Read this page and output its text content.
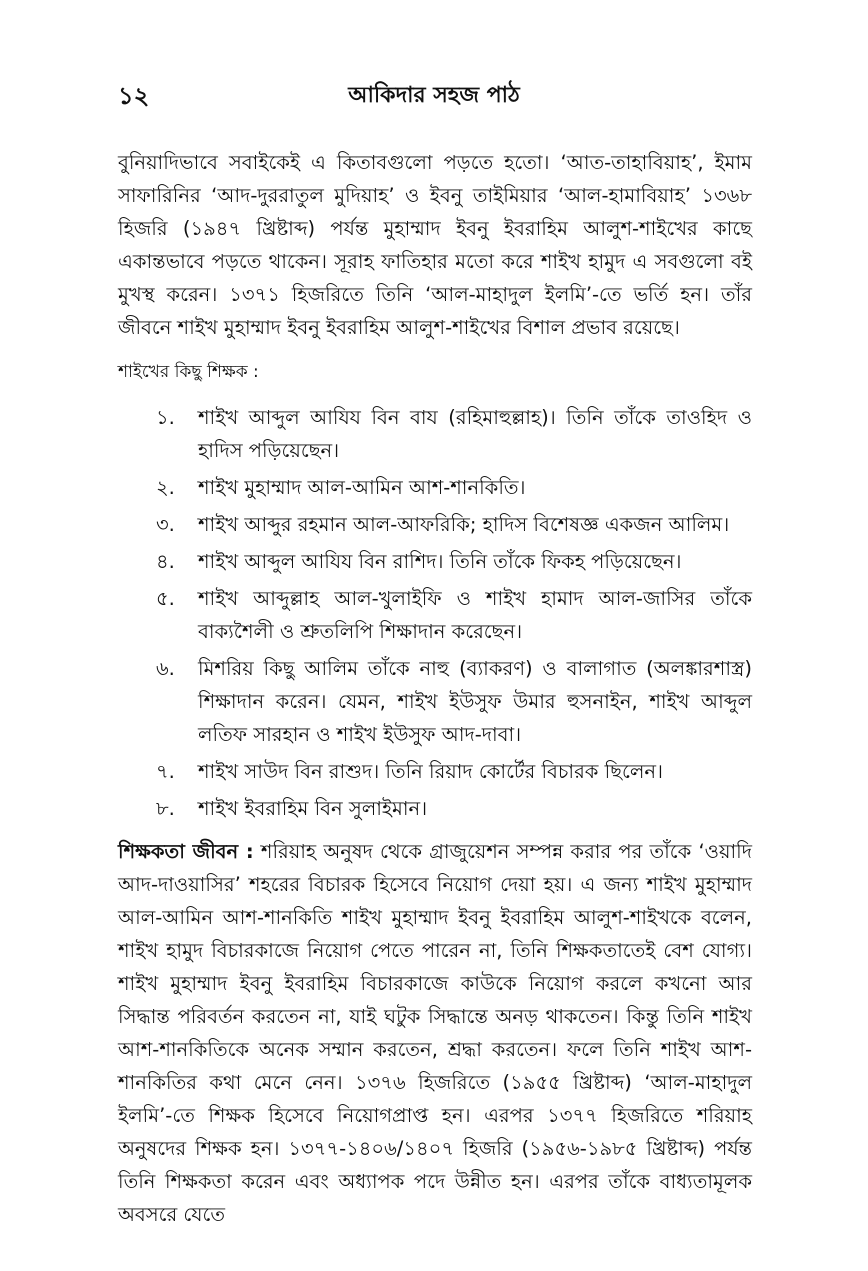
১২	আকিদার সহজ পাঠ

বুনিয়াদিভাবে সবাইকেই এ কিতাবগুলো পড়তে হতো। ‘আত-তাহাবিয়াহ’, ইমাম সাফারিনির ‘আদ-দুররাতুল মুদিয়াহ’ ও ইবনু তাইমিয়ার ‘আল-হামাবিয়াহ’ ১৩৬৮ হিজরি (১৯৪৭ খ্রিষ্টাব্দ) পর্যন্ত মুহাম্মাদ ইবনু ইবরাহিম আলুশ-শাইখের কাছে একান্তভাবে পড়তে থাকেন। সূরাহ ফাতিহার মতো করে শাইখ হামুদ এ সবগুলো বই মুখস্থ করেন। ১৩৭১ হিজরিতে তিনি ‘আল-মাহাদুল ইলমি’-তে ভর্তি হন। তাঁর জীবনে শাইখ মুহাম্মাদ ইবনু ইবরাহিম আলুশ-শাইখের বিশাল প্রভাব রয়েছে।

শাইখের কিছু শিক্ষক :

১.	শাইখ আব্দুল আযিয বিন বায (রহিমাহুল্লাহ)। তিনি তাঁকে তাওহিদ ও হাদিস পড়িয়েছেন।
২.	শাইখ মুহাম্মাদ আল-আমিন আশ-শানকিতি।
৩.	শাইখ আব্দুর রহমান আল-আফরিকি; হাদিস বিশেষজ্ঞ একজন আলিম।
৪.	শাইখ আব্দুল আযিয বিন রাশিদ। তিনি তাঁকে ফিকহ পড়িয়েছেন।
৫.	শাইখ আব্দুল্লাহ আল-খুলাইফি ও শাইখ হামাদ আল-জাসির তাঁকে বাক্যশৈলী ও শ্রুতলিপি শিক্ষাদান করেছেন।
৬.	মিশরিয় কিছু আলিম তাঁকে নাহু (ব্যাকরণ) ও বালাগাত (অলঙ্কারশাস্ত্র) শিক্ষাদান করেন। যেমন, শাইখ ইউসুফ উমার হুসনাইন, শাইখ আব্দুল লতিফ সারহান ও শাইখ ইউসুফ আদ-দাবা।
৭.	শাইখ সাউদ বিন রাশুদ। তিনি রিয়াদ কোর্টের বিচারক ছিলেন।
৮.	শাইখ ইবরাহিম বিন সুলাইমান।

শিক্ষকতা জীবন : শরিয়াহ অনুষদ থেকে গ্রাজুয়েশন সম্পন্ন করার পর তাঁকে ‘ওয়াদি আদ-দাওয়াসির’ শহরের বিচারক হিসেবে নিয়োগ দেয়া হয়। এ জন্য শাইখ মুহাম্মাদ আল-আমিন আশ-শানকিতি শাইখ মুহাম্মাদ ইবনু ইবরাহিম আলুশ-শাইখকে বলেন, শাইখ হামুদ বিচারকাজে নিয়োগ পেতে পারেন না, তিনি শিক্ষকতাতেই বেশ যোগ্য। শাইখ মুহাম্মাদ ইবনু ইবরাহিম বিচারকাজে কাউকে নিয়োগ করলে কখনো আর সিদ্ধান্ত পরিবর্তন করতেন না, যাই ঘটুক সিদ্ধান্তে অনড় থাকতেন। কিন্তু তিনি শাইখ আশ-শানকিতিকে অনেক সম্মান করতেন, শ্রদ্ধা করতেন। ফলে তিনি শাইখ আশ-শানকিতির কথা মেনে নেন। ১৩৭৬ হিজরিতে (১৯৫৫ খ্রিষ্টাব্দ) ‘আল-মাহাদুল ইলমি’-তে শিক্ষক হিসেবে নিয়োগপ্রাপ্ত হন। এরপর ১৩৭৭ হিজরিতে শরিয়াহ অনুষদের শিক্ষক হন। ১৩৭৭-১৪০৬/১৪০৭ হিজরি (১৯৫৬-১৯৮৫ খ্রিষ্টাব্দ) পর্যন্ত তিনি শিক্ষকতা করেন এবং অধ্যাপক পদে উন্নীত হন। এরপর তাঁকে বাধ্যতামূলক অবসরে যেতে
